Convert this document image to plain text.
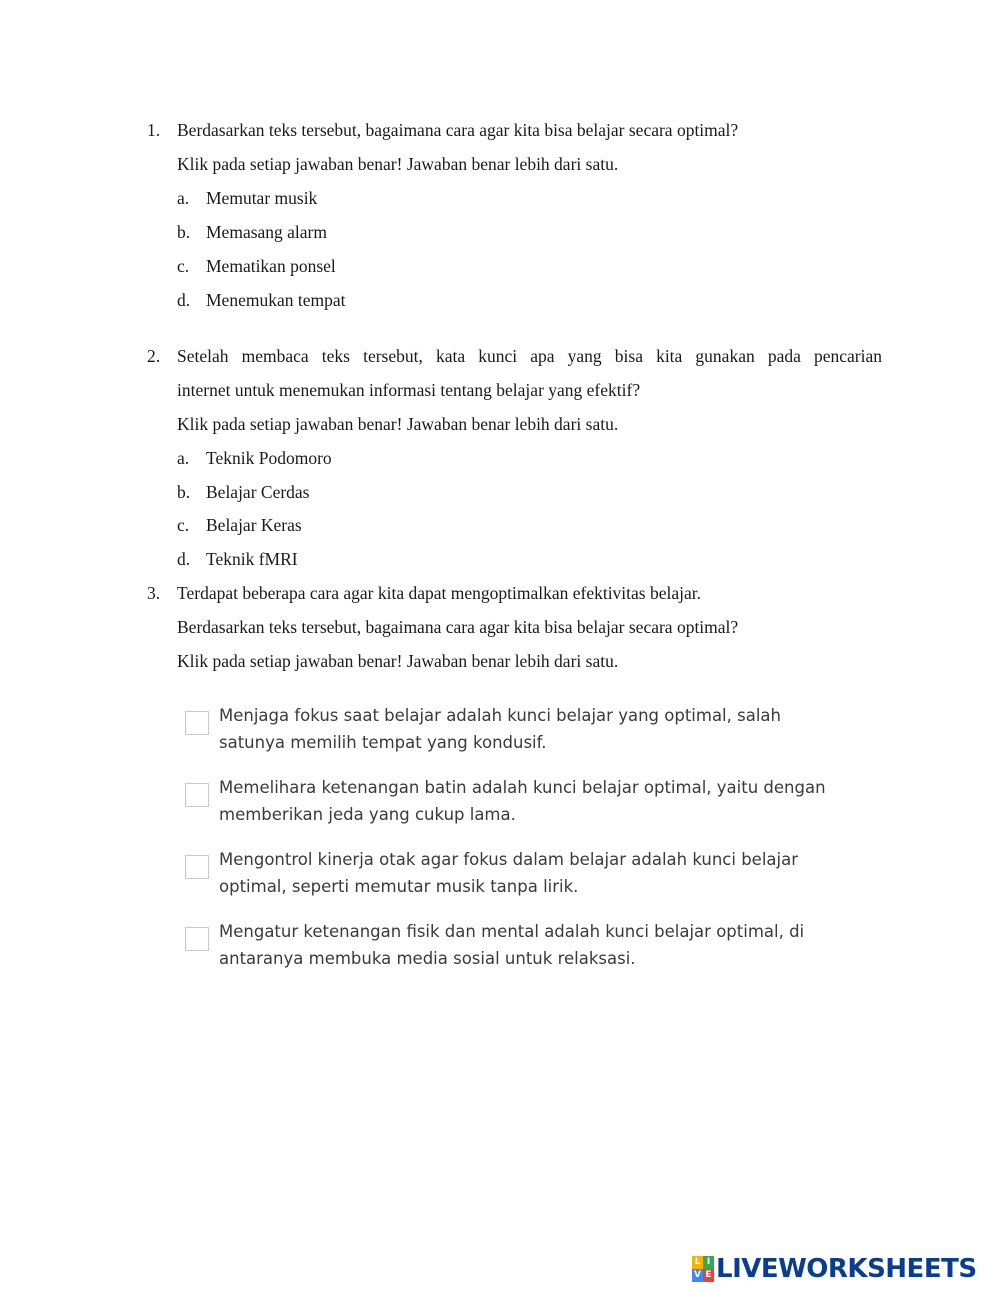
1. Berdasarkan teks tersebut, bagaimana cara agar kita bisa belajar secara optimal?
Klik pada setiap jawaban benar! Jawaban benar lebih dari satu.
a. Memutar musik
b. Memasang alarm
c. Mematikan ponsel
d. Menemukan tempat
2. Setelah membaca teks tersebut, kata kunci apa yang bisa kita gunakan pada pencarian
internet untuk menemukan informasi tentang belajar yang efektif?
Klik pada setiap jawaban benar! Jawaban benar lebih dari satu.
a. Teknik Podomoro
b. Belajar Cerdas
c. Belajar Keras
d. Teknik fMRI
3. Terdapat beberapa cara agar kita dapat mengoptimalkan efektivitas belajar.
Berdasarkan teks tersebut, bagaimana cara agar kita bisa belajar secara optimal?
Klik pada setiap jawaban benar! Jawaban benar lebih dari satu.
Menjaga fokus saat belajar adalah kunci belajar yang optimal, salah
satunya memilih tempat yang kondusif.
Memelihara ketenangan batin adalah kunci belajar optimal, yaitu dengan
memberikan jeda yang cukup lama.
Mengontrol kinerja otak agar fokus dalam belajar adalah kunci belajar
optimal, seperti memutar musik tanpa lirik.
Mengatur ketenangan fisik dan mental adalah kunci belajar optimal, di
antaranya membuka media sosial untuk relaksasi.
L I
V E LIVEWORKSHEETS
